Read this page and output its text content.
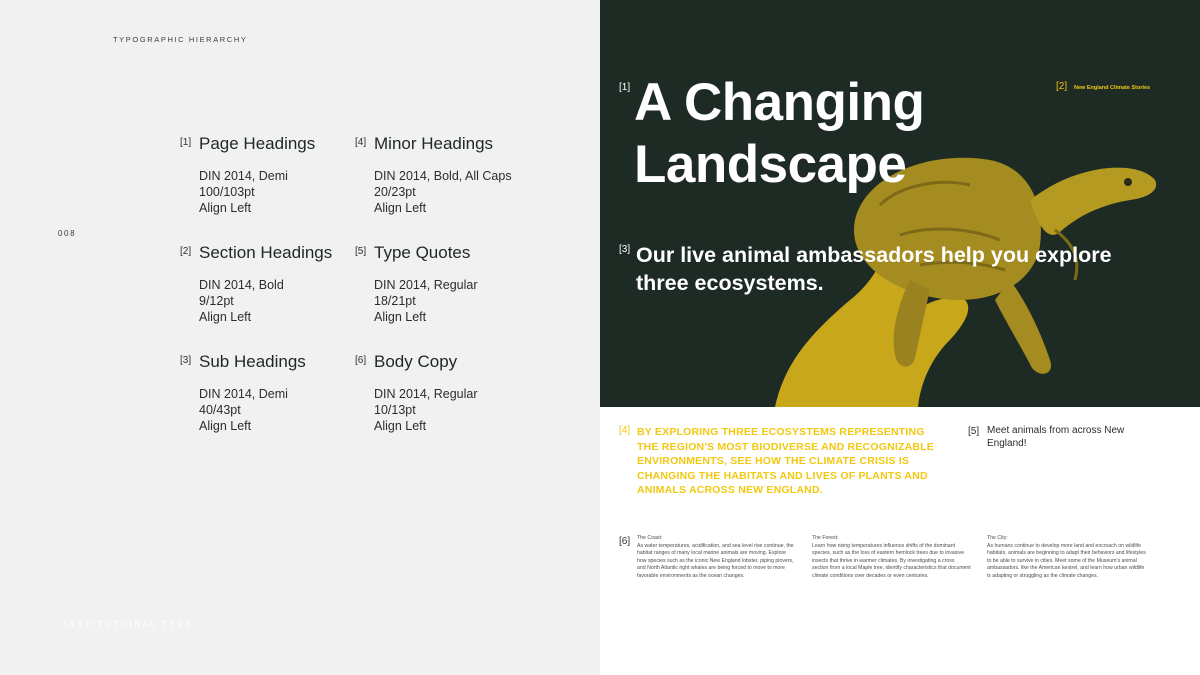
TYPOGRAPHIC HIERARCHY
008
[1] Page Headings
DIN 2014, Demi
100/103pt
Align Left
[2] Section Headings
DIN 2014, Bold
9/12pt
Align Left
[3] Sub Headings
DIN 2014, Demi
40/43pt
Align Left
[4] Minor Headings
DIN 2014, Bold, All Caps
20/23pt
Align Left
[5] Type Quotes
DIN 2014, Regular
18/21pt
Align Left
[6] Body Copy
DIN 2014, Regular
10/13pt
Align Left
INSTITUTIONAL TYPE.
[1] A Changing
Landscape
[2] New England Climate Stories
[3] Our live animal ambassadors help you explore three ecosystems.
[4] BY EXPLORING THREE ECOSYSTEMS REPRESENTING THE REGION'S MOST BIODIVERSE AND RECOGNIZABLE ENVIRONMENTS, SEE HOW THE CLIMATE CRISIS IS CHANGING THE HABITATS AND LIVES OF PLANTS AND ANIMALS ACROSS NEW ENGLAND.
[5] Meet animals from across New England!
[6] The Coast:
As water temperatures, acidification, and sea level rise continue, the habitat ranges of many local marine animals are moving. Explore how species such as the iconic New England lobster, piping plovers, and North Atlantic right whales are being forced to move to more favorable environments as the ocean changes.
The Forest:
Learn how rising temperatures influence shifts of the dominant species, such as the loss of eastern hemlock trees due to invasive insects that thrive in warmer climates. By investigating a cross section from a local Maple tree, identify characteristics that document climate conditions over decades or even centuries.
The City:
As humans continue to develop more land and encroach on wildlife habitats, animals are beginning to adapt their behaviors and lifestyles to be able to survive in cities. Meet some of the Museum's animal ambassadors, like the American kestrel, and learn how urban wildlife is adapting or struggling as the climate changes.
